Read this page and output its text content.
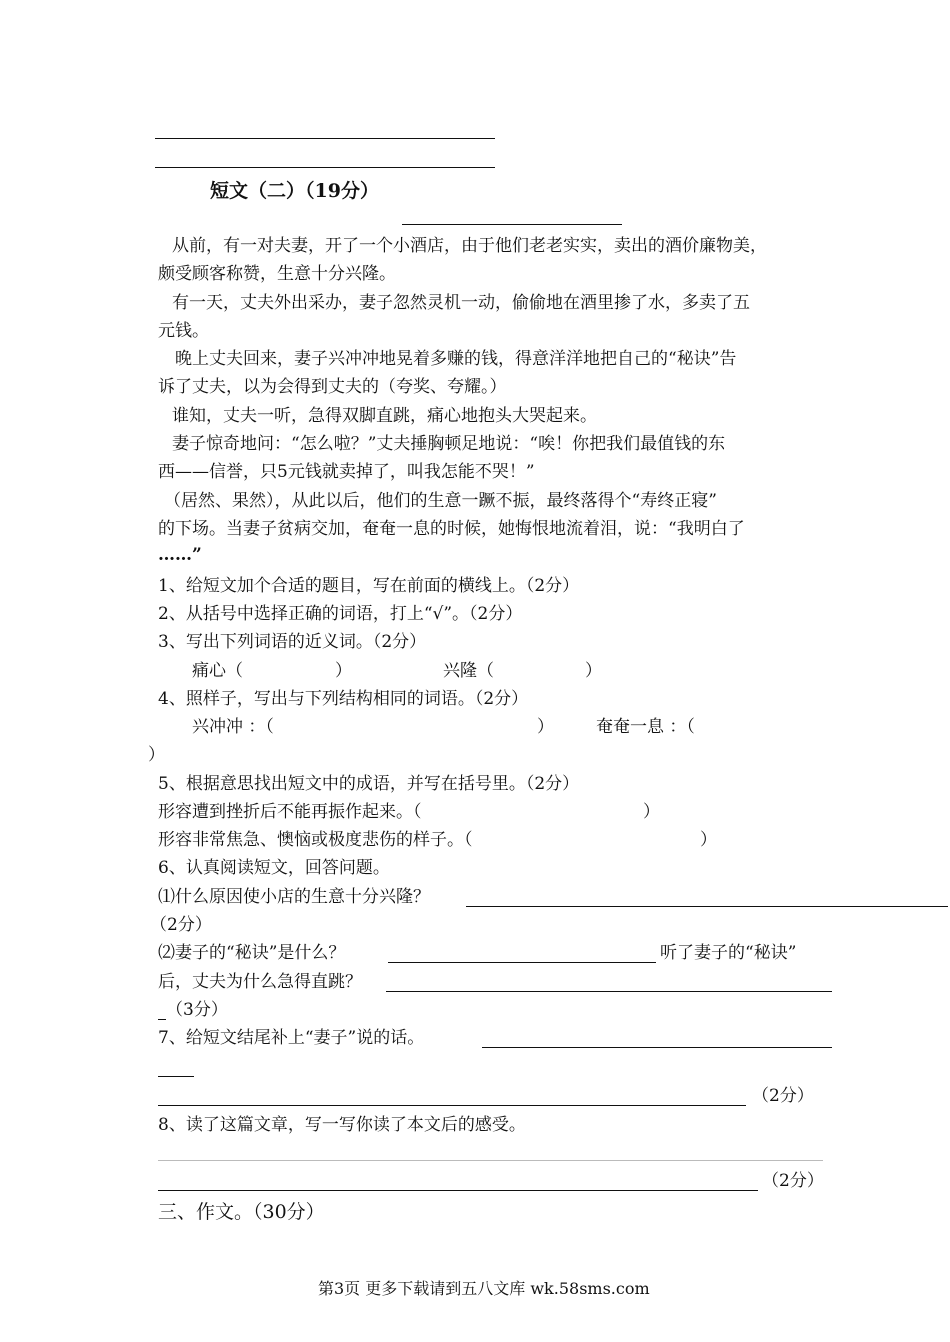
短文（二）（19分）
从前，有一对夫妻，开了一个小酒店，由于他们老老实实，卖出的酒价廉物美，
颇受顾客称赞，生意十分兴隆。
有一天，丈夫外出采办，妻子忽然灵机一动，偷偷地在酒里掺了水，多卖了五
元钱。
晚上丈夫回来，妻子兴冲冲地晃着多赚的钱，得意洋洋地把自己的“秘诀”告
诉了丈夫，以为会得到丈夫的（夸奖、夸耀。）
谁知，丈夫一听，急得双脚直跳，痛心地抱头大哭起来。
妻子惊奇地问：“怎么啦？”丈夫捶胸顿足地说：“唉！你把我们最值钱的东
西——信誉，只5元钱就卖掉了，叫我怎能不哭！”
（居然、果然），从此以后，他们的生意一蹶不振，最终落得个“寿终正寝”
的下场。当妻子贫病交加，奄奄一息的时候，她悔恨地流着泪，说：“我明白了
……”
1、给短文加个合适的题目，写在前面的横线上。（2分）
2、从括号中选择正确的词语，打上“√”。（2分）
3、写出下列词语的近义词。（2分）
痛心（	）	兴隆（	）
4、照样子，写出与下列结构相同的词语。（2分）
兴冲冲 ：（	） 奄奄一息 ：（
）
5、根据意思找出短文中的成语，并写在括号里。（2分）
形容遭到挫折后不能再振作起来。（	）
形容非常焦急、懊恼或极度悲伤的样子。（	）
6、认真阅读短文，回答问题。
⑴什么原因使小店的生意十分兴隆？
（2分）
⑵妻子的“秘诀”是什么？	听了妻子的“秘诀”
后，丈夫为什么急得直跳？
（3分）
7、给短文结尾补上“妻子”说的话。
（2分）
8、读了这篇文章，写一写你读了本文后的感受。
（2分）
三、作文。（30分）
第3页 更多下载请到五八文库 wk.58sms.com
